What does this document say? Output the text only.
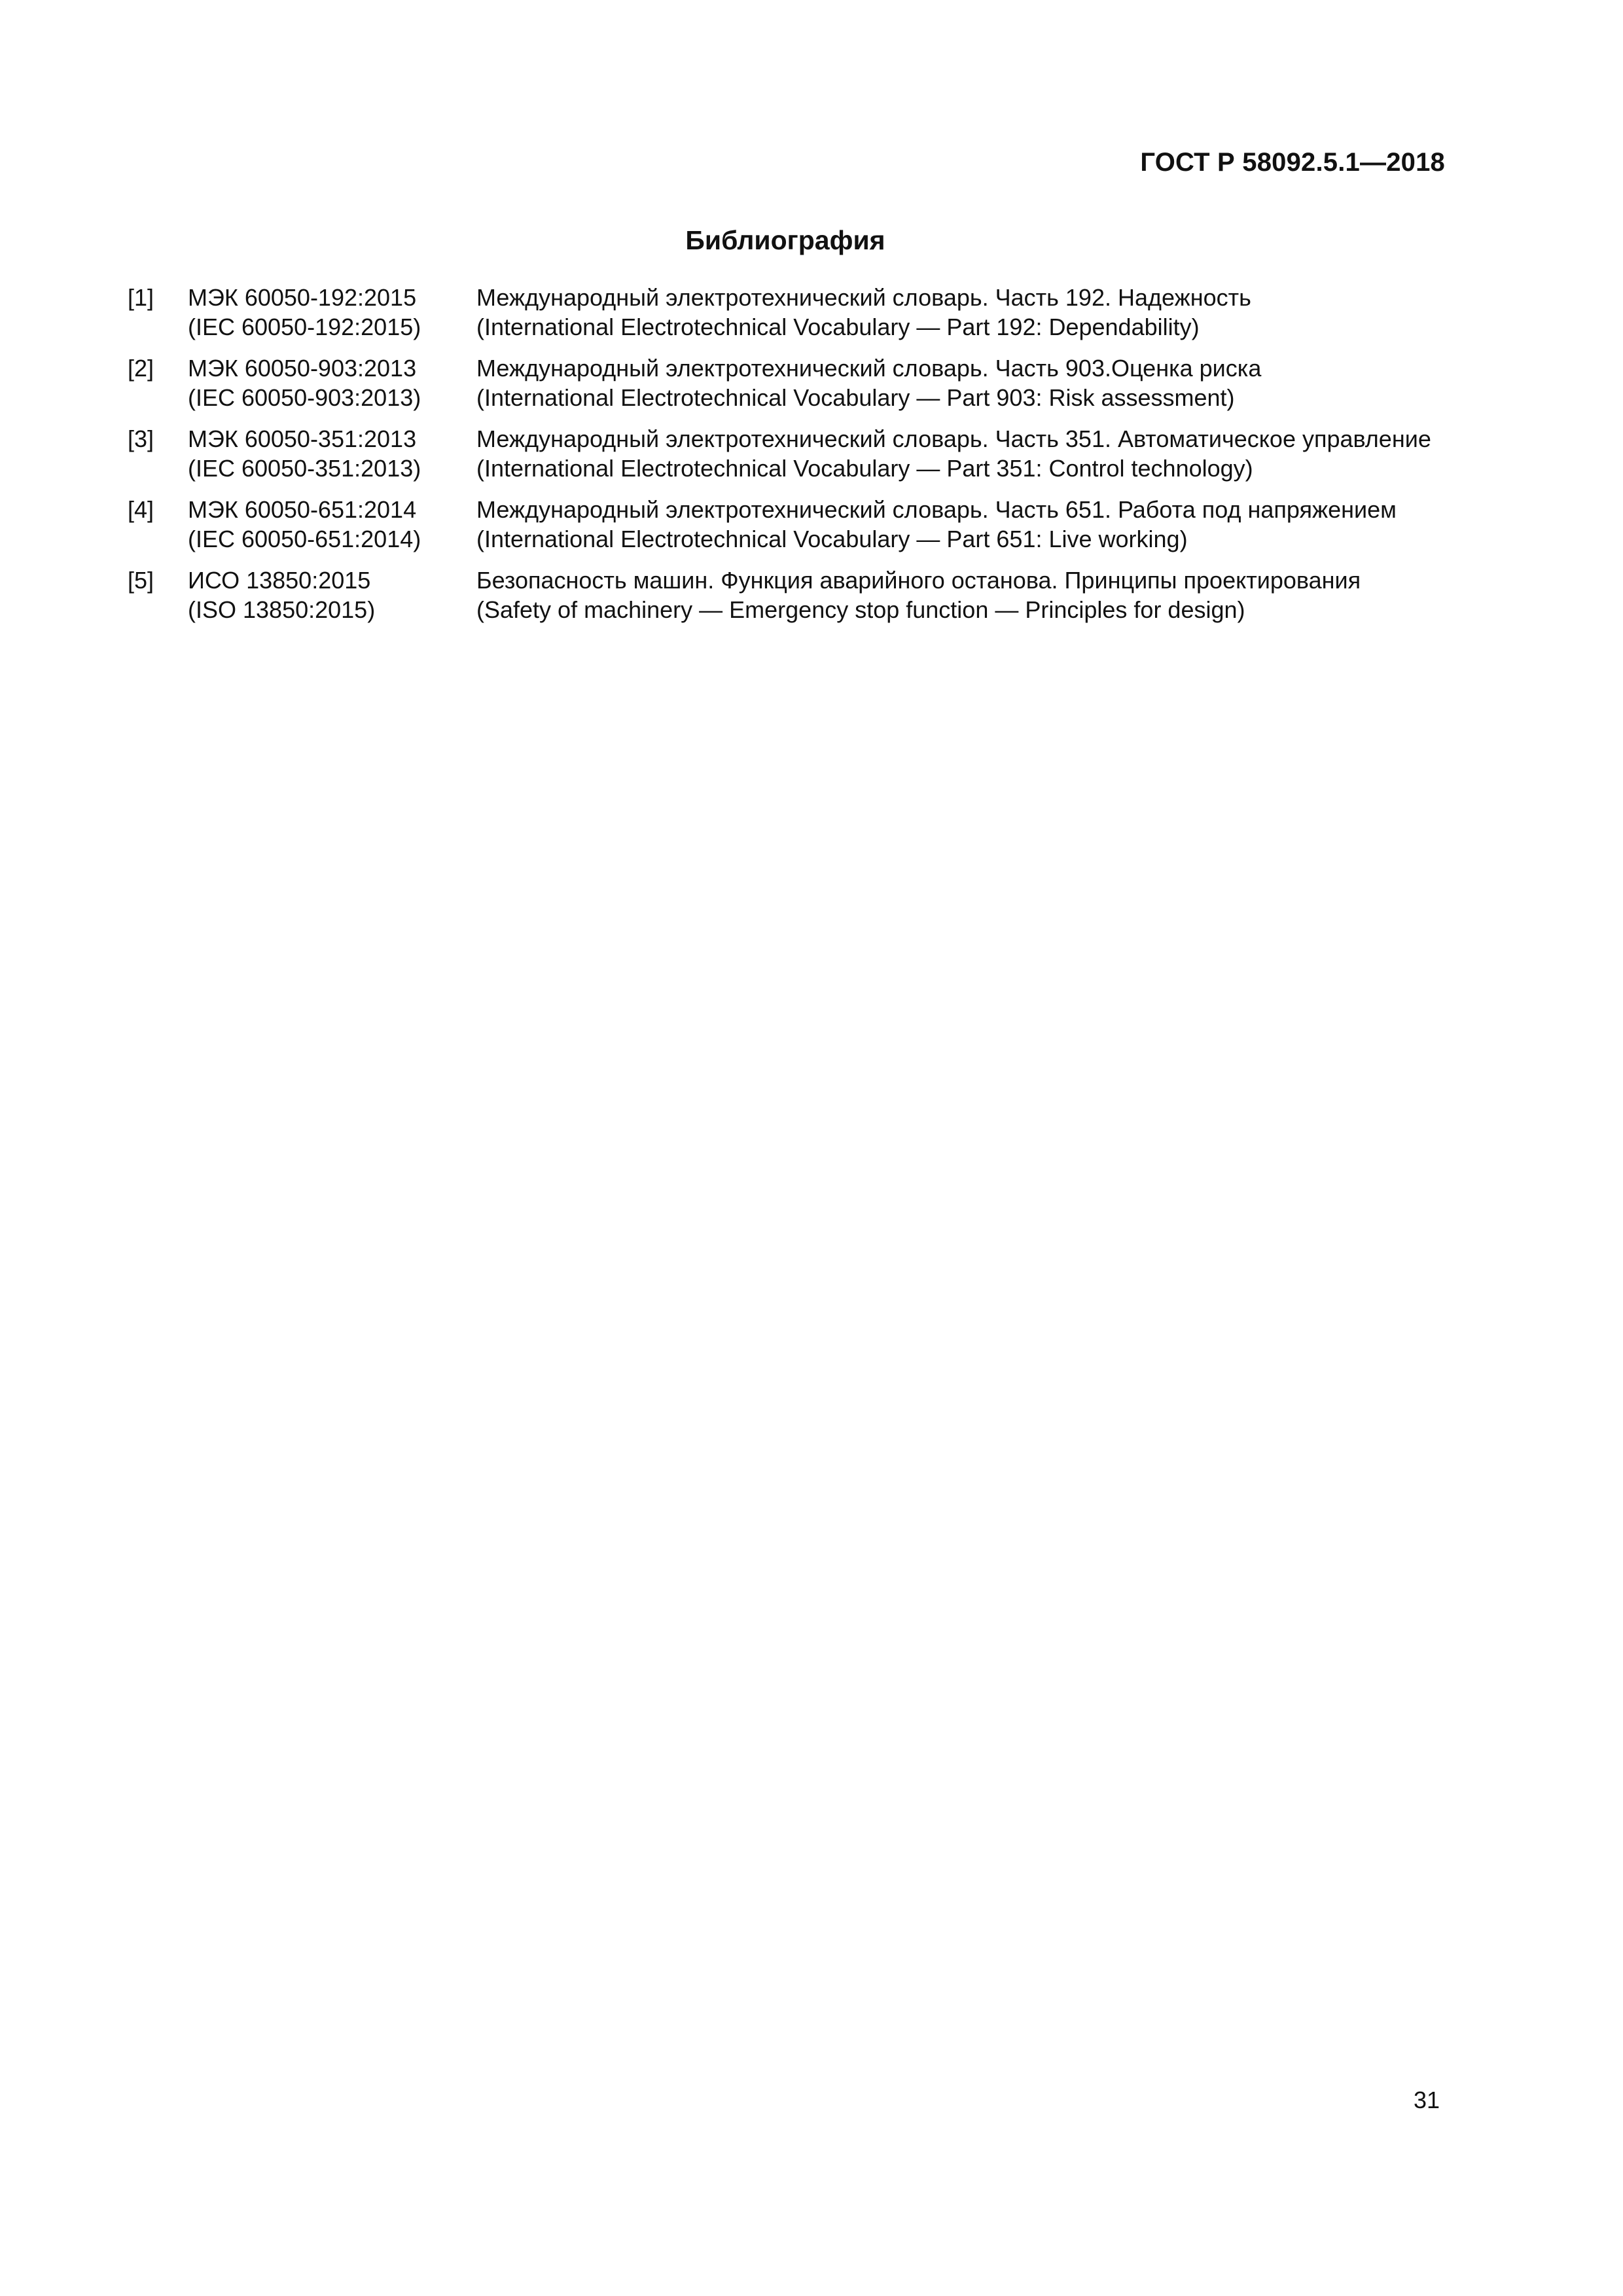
ГОСТ Р 58092.5.1—2018
Библиография
[1]	МЭК 60050-192:2015	Международный электротехнический словарь. Часть 192. Надежность
(IEC 60050-192:2015)	(International Electrotechnical Vocabulary — Part 192: Dependability)
[2]	МЭК 60050-903:2013	Международный электротехнический словарь. Часть 903.Оценка риска
(IEC 60050-903:2013)	(International Electrotechnical Vocabulary — Part 903: Risk assessment)
[3]	МЭК 60050-351:2013	Международный электротехнический словарь. Часть 351. Автоматическое управление
(IEC 60050-351:2013)	(International Electrotechnical Vocabulary — Part 351: Control technology)
[4]	МЭК 60050-651:2014	Международный электротехнический словарь. Часть 651. Работа под напряжением
(IEC 60050-651:2014)	(International Electrotechnical Vocabulary — Part 651: Live working)
[5]	ИСО 13850:2015	Безопасность машин. Функция аварийного останова. Принципы проектирования
(ISO 13850:2015)	(Safety of machinery — Emergency stop function — Principles for design)
31
